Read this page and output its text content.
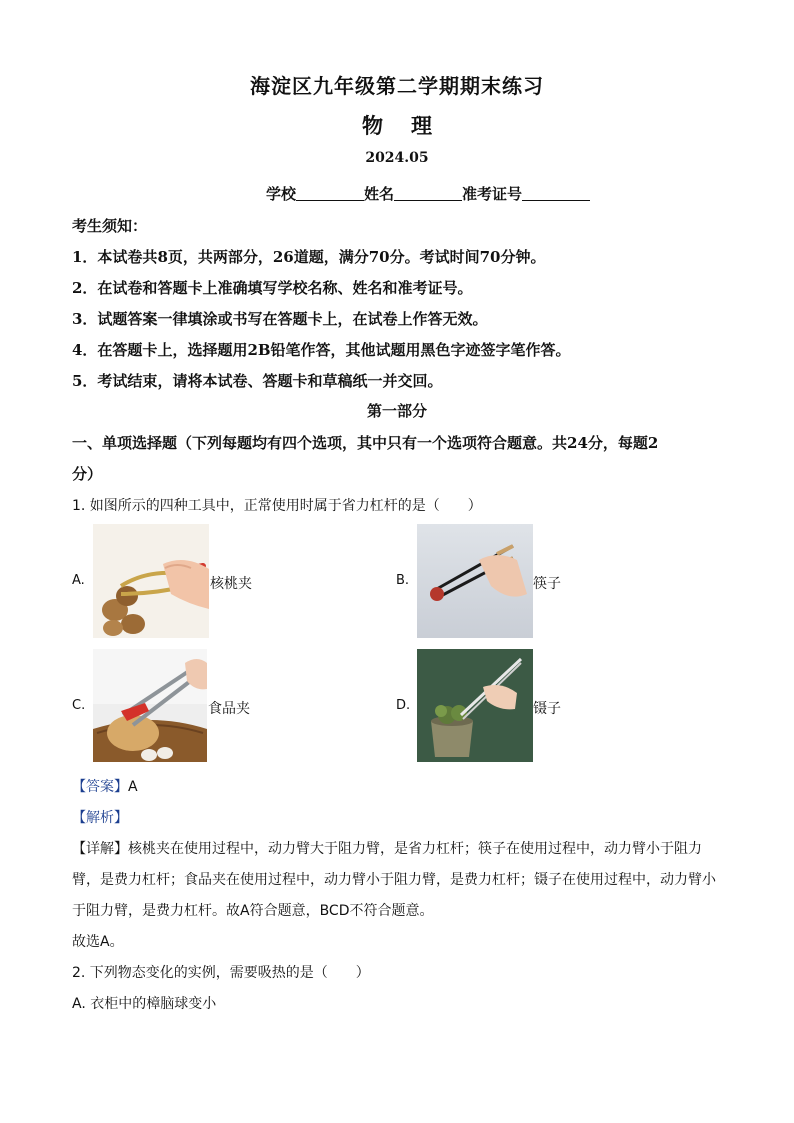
海淀区九年级第二学期期末练习
物理
2024.05
学校	姓名	准考证号
考生须知：
1．本试卷共8页，共两部分，26道题，满分70分。考试时间70分钟。
2．在试卷和答题卡上准确填写学校名称、姓名和准考证号。
3．试题答案一律填涂或书写在答题卡上，在试卷上作答无效。
4．在答题卡上，选择题用2B铅笔作答，其他试题用黑色字迹签字笔作答。
5．考试结束，请将本试卷、答题卡和草稿纸一并交回。
第一部分
一、单项选择题（下列每题均有四个选项，其中只有一个选项符合题意。共24分，每题2
分）
1. 如图所示的四种工具中，正常使用时属于省力杠杆的是（　　）
A.	核桃夹	B.	筷子
C.	食品夹	D.	镊子
【答案】A
【解析】
【详解】核桃夹在使用过程中，动力臂大于阻力臂，是省力杠杆；筷子在使用过程中，动力臂小于阻力
臂，是费力杠杆；食品夹在使用过程中，动力臂小于阻力臂，是费力杠杆；镊子在使用过程中，动力臂小
于阻力臂，是费力杠杆。故A符合题意，BCD不符合题意。
故选A。
2. 下列物态变化的实例，需要吸热的是（　　）
A. 衣柜中的樟脑球变小
